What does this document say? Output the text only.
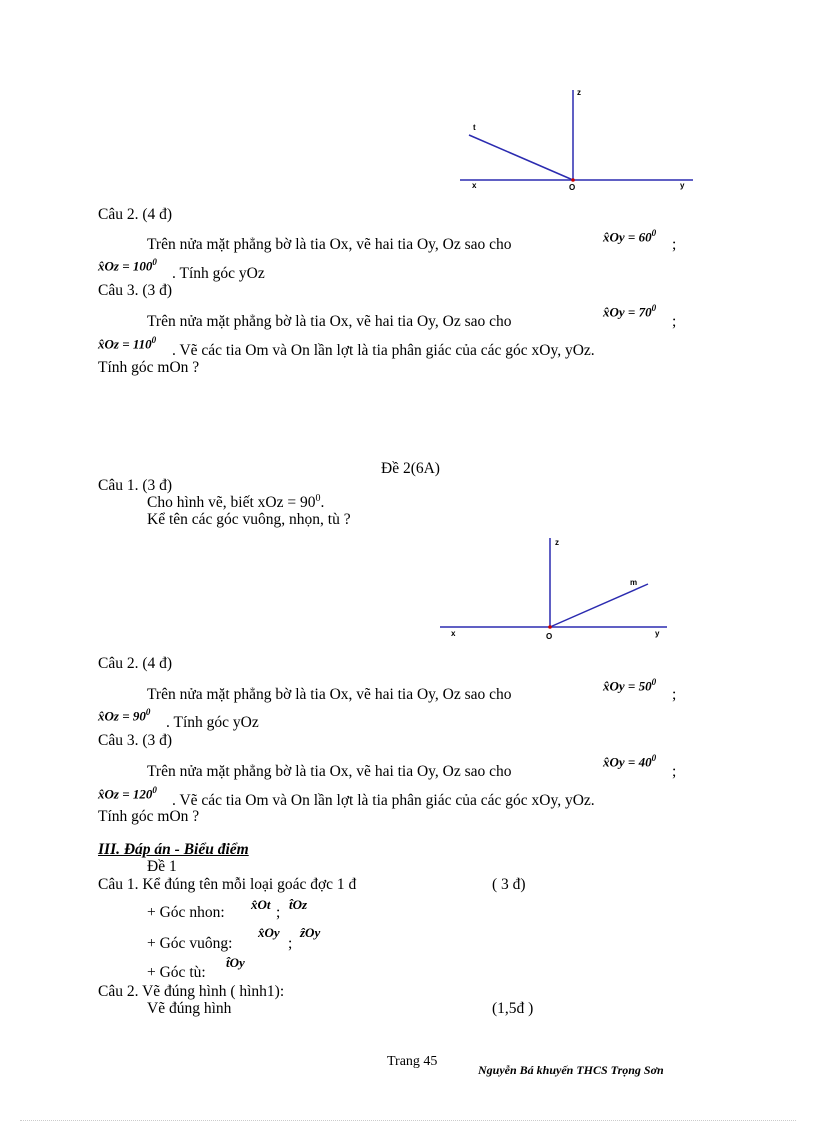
z
t
x	O	y
Câu 2. (4 đ)
Trên nửa mặt phẳng bờ là tia Ox, vẽ hai tia Oy, Oz sao cho	x̂Oy = $60^0$
;
x̂Oz = $100^0$
. Tính góc yOz
Câu 3. (3 đ)
Trên nửa mặt phẳng bờ là tia Ox, vẽ hai tia Oy, Oz sao cho
x̂Oy = $70^0$
;
x̂Oz = $110^0$
. Vẽ các tia Om và On lần lợt là tia phân giác của các góc xOy, yOz.
Tính góc mOn ?
Đề 2(6A)
Câu 1. (3 đ)
Cho hình vẽ, biết xOz = $90^0$.
Kể tên các góc vuông, nhọn, tù ?
z
m
x	O	y
Câu 2. (4 đ)
Trên nửa mặt phẳng bờ là tia Ox, vẽ hai tia Oy, Oz sao cho
x̂Oy = $50^0$
;
x̂Oz = $90^0$
. Tính góc yOz
Câu 3. (3 đ)
Trên nửa mặt phẳng bờ là tia Ox, vẽ hai tia Oy, Oz sao cho
x̂Oy = $40^0$
;
x̂Oz = $120^0$
. Vẽ các tia Om và On lần lợt là tia phân giác của các góc xOy, yOz.
Tính góc mOn ?
III. Đáp án - Biểu điểm
Đề 1
Câu 1. Kể đúng tên mỗi loại goác đợc 1 đ	( 3 đ)
+ Góc nhon: x̂Ot ; t̂Oz
+ Góc vuông:
x̂Oy
;
ẑOy
+ Góc tù:
t̂Oy
Câu 2. Vẽ đúng hình ( hình1):
Vẽ đúng hình	(1,5đ )
Trang 45
Nguyễn Bá khuyến THCS Trọng Sơn
